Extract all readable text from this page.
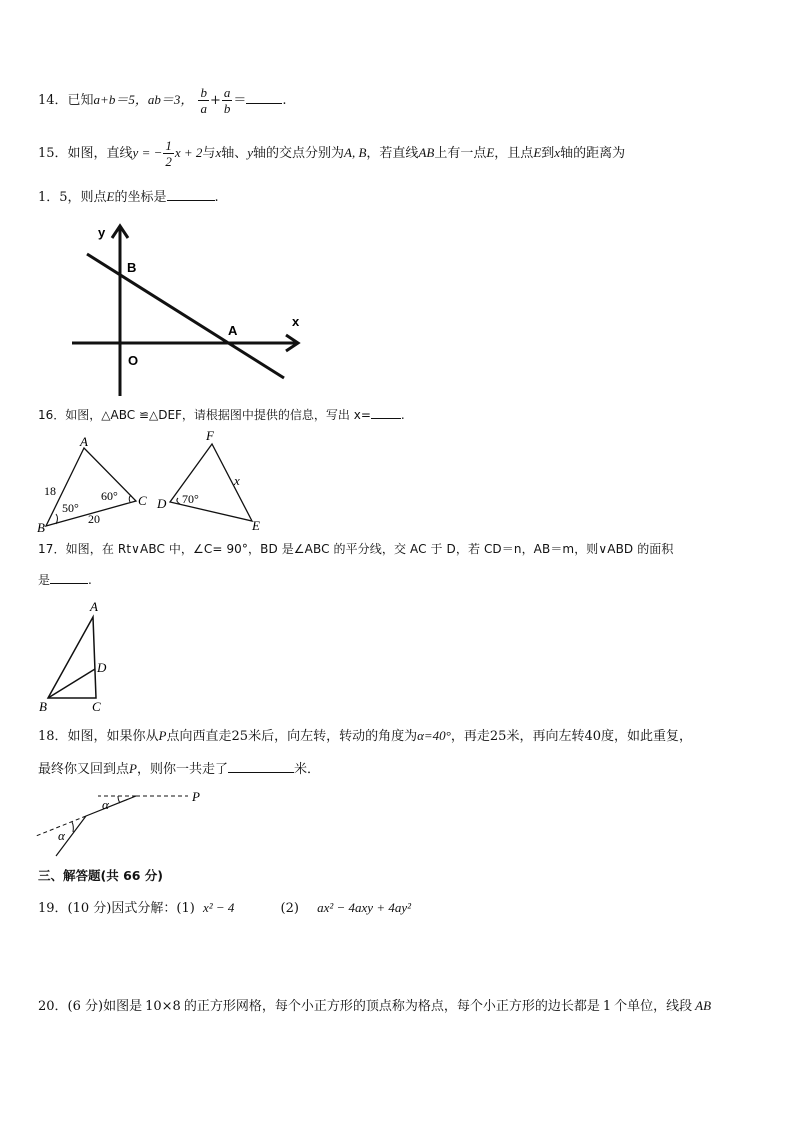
14．已知a+b＝5，ab＝3， $\frac{b}{a} + \frac{a}{b}$ ＝	.
15．如图，直线y = − $\frac{1}{2}$ x + 2与x轴、y轴的交点分别为A, B，若直线AB上有一点E，且点E到x轴的距离为
1．5，则点E的坐标是	.
y
x
B
A
O
16．如图，△ABC ≌△DEF，请根据图中提供的信息，写出 x=	.
A
B
C
F
D
E
18
20
50°
60°	70°
x
17．如图，在 Rt∨ABC 中，∠C= 90°，BD 是∠ABC 的平分线，交 AC 于 D，若 CD＝n，AB＝m，则∨ABD 的面积
是	.
A
B	C
D
18．如图，如果你从P点向西直走25米后，向左转，转动的角度为α=40°，再走25米，再向左转40度，如此重复，
最终你又回到点P，则你一共走了	米．
P
α
α
三、解答题(共 66 分)
19．(10 分)因式分解：(1) x² − 4	(2) ax² − 4axy + 4ay²
20．(6 分)如图是 10×8 的正方形网格，每个小正方形的顶点称为格点，每个小正方形的边长都是 1 个单位，线段 AB
